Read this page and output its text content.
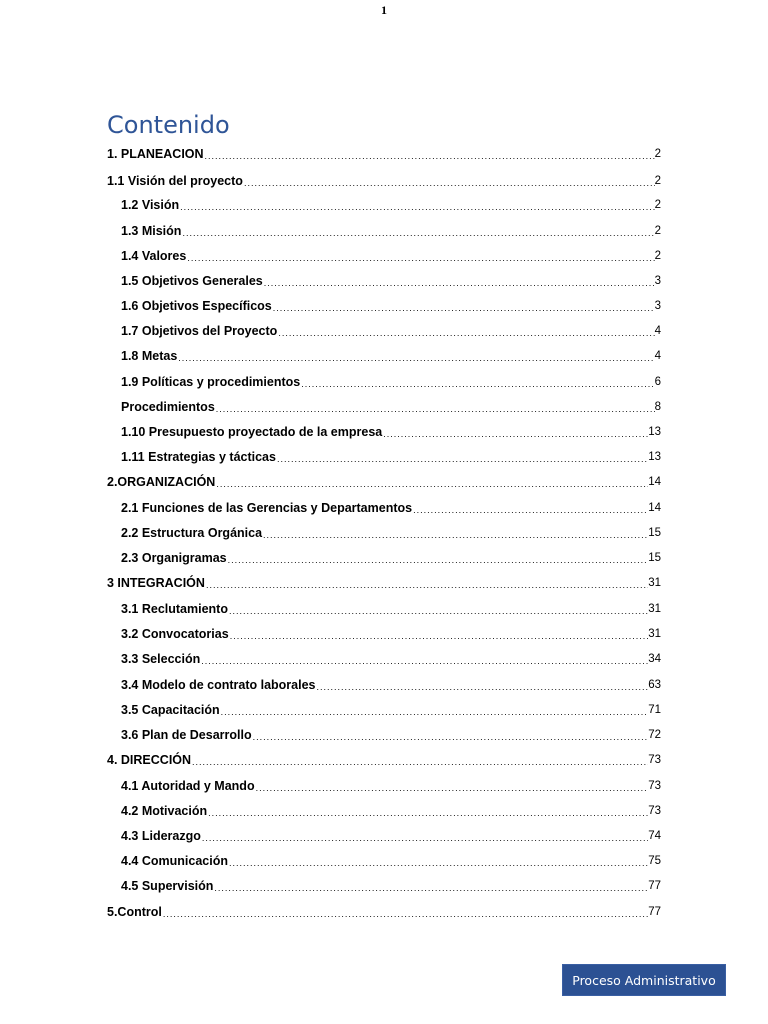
1
Contenido
1. PLANEACION .....	2
1.1 Visión del proyecto .....	2
1.2 Visión .....	2
1.3 Misión .....	2
1.4 Valores .....	2
1.5 Objetivos Generales .....	3
1.6 Objetivos Específicos .....	3
1.7 Objetivos del Proyecto .....	4
1.8 Metas .....	4
1.9 Políticas y procedimientos .....	6
Procedimientos .....	8
1.10 Presupuesto proyectado de la empresa .....	13
1.11 Estrategias y tácticas .....	13
2.ORGANIZACIÓN .....	14
2.1 Funciones de las Gerencias y Departamentos .....	14
2.2 Estructura Orgánica .....	15
2.3 Organigramas .....	15
3 INTEGRACIÓN .....	31
3.1 Reclutamiento .....	31
3.2 Convocatorias .....	31
3.3 Selección .....	34
3.4 Modelo de contrato laborales .....	63
3.5 Capacitación .....	71
3.6 Plan de Desarrollo .....	72
4. DIRECCIÓN .....	73
4.1 Autoridad y Mando .....	73
4.2 Motivación .....	73
4.3 Liderazgo .....	74
4.4 Comunicación .....	75
4.5 Supervisión .....	77
5.Control .....	77
Proceso Administrativo
